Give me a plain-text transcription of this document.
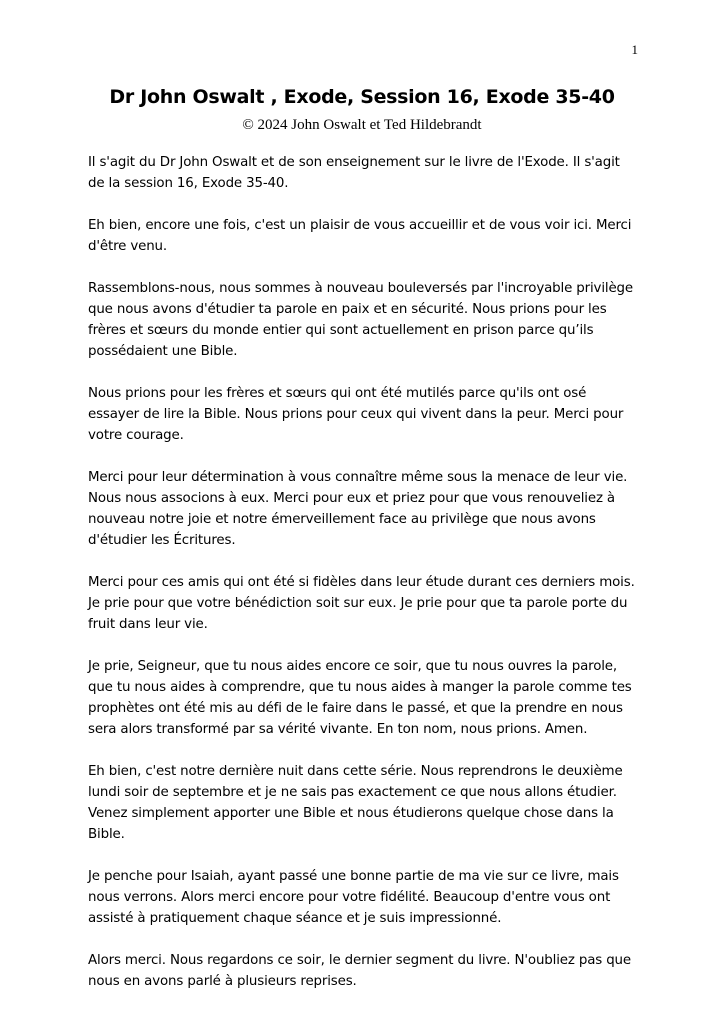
1
Dr John Oswalt , Exode, Session 16, Exode 35-40
© 2024 John Oswalt et Ted Hildebrandt

Il s'agit du Dr John Oswalt et de son enseignement sur le livre de l'Exode. Il s'agit de la session 16, Exode 35-40.

Eh bien, encore une fois, c'est un plaisir de vous accueillir et de vous voir ici. Merci d'être venu.

Rassemblons-nous, nous sommes à nouveau bouleversés par l'incroyable privilège que nous avons d'étudier ta parole en paix et en sécurité. Nous prions pour les frères et sœurs du monde entier qui sont actuellement en prison parce qu’ils possédaient une Bible.

Nous prions pour les frères et sœurs qui ont été mutilés parce qu'ils ont osé essayer de lire la Bible. Nous prions pour ceux qui vivent dans la peur. Merci pour votre courage.

Merci pour leur détermination à vous connaître même sous la menace de leur vie. Nous nous associons à eux. Merci pour eux et priez pour que vous renouveliez à nouveau notre joie et notre émerveillement face au privilège que nous avons d'étudier les Écritures.

Merci pour ces amis qui ont été si fidèles dans leur étude durant ces derniers mois. Je prie pour que votre bénédiction soit sur eux. Je prie pour que ta parole porte du fruit dans leur vie.

Je prie, Seigneur, que tu nous aides encore ce soir, que tu nous ouvres la parole, que tu nous aides à comprendre, que tu nous aides à manger la parole comme tes prophètes ont été mis au défi de le faire dans le passé, et que la prendre en nous sera alors transformé par sa vérité vivante. En ton nom, nous prions. Amen.

Eh bien, c'est notre dernière nuit dans cette série. Nous reprendrons le deuxième lundi soir de septembre et je ne sais pas exactement ce que nous allons étudier. Venez simplement apporter une Bible et nous étudierons quelque chose dans la Bible.

Je penche pour Isaiah, ayant passé une bonne partie de ma vie sur ce livre, mais nous verrons. Alors merci encore pour votre fidélité. Beaucoup d'entre vous ont assisté à pratiquement chaque séance et je suis impressionné.

Alors merci. Nous regardons ce soir, le dernier segment du livre. N'oubliez pas que nous en avons parlé à plusieurs reprises.
